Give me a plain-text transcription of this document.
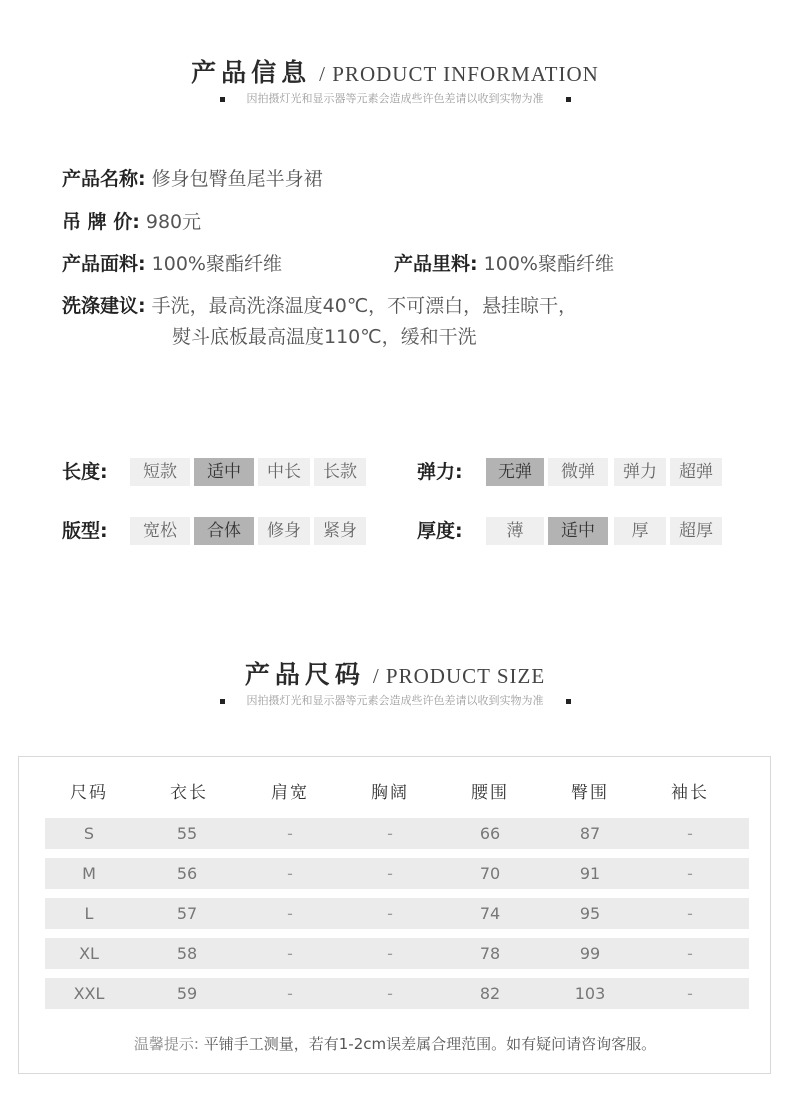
产品信息 / PRODUCT INFORMATION
因拍摄灯光和显示器等元素会造成些许色差请以收到实物为准
产品名称: 修身包臀鱼尾半身裙
吊 牌 价: 980元
产品面料: 100%聚酯纤维	产品里料: 100%聚酯纤维
洗涤建议: 手洗，最高洗涤温度40℃，不可漂白，悬挂晾干，
熨斗底板最高温度110℃，缓和干洗
长度:	短款	适中	中长	长款	弹力:	无弹	微弹	弹力	超弹
版型:	宽松	合体	修身	紧身	厚度:	薄	适中	厚	超厚
产品尺码 / PRODUCT SIZE
因拍摄灯光和显示器等元素会造成些许色差请以收到实物为准
尺码	衣长	肩宽	胸阔	腰围	臀围	袖长
S	55	-	-	66	87	-
M	56	-	-	70	91	-
L	57	-	-	74	95	-
XL	58	-	-	78	99	-
XXL	59	-	-	82	103	-
温馨提示: 平铺手工测量，若有1-2cm误差属合理范围。如有疑问请咨询客服。
